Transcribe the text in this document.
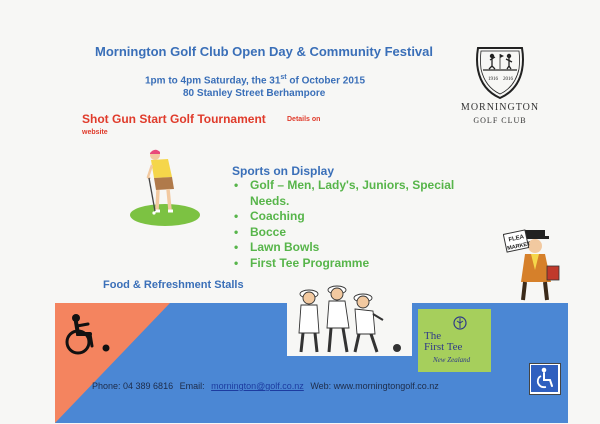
Mornington Golf Club Open Day & Community Festival
1pm to 4pm Saturday, the 31st of October 2015
80 Stanley Street Berhampore
1916 2016
MORNINGTON
GOLF CLUB
Shot Gun Start Golf Tournament	Details on
website
Sports on Display
• Golf – Men, Lady's, Juniors, Special Needs.
• Coaching
• Bocce
• Lawn Bowls
• First Tee Programme
FLEA
MARKET
Food & Refreshment Stalls
The
First Tee
New Zealand
Phone: 04 389 6816 Email: mornington@golf.co.nz Web: www.morningtongolf.co.nz
